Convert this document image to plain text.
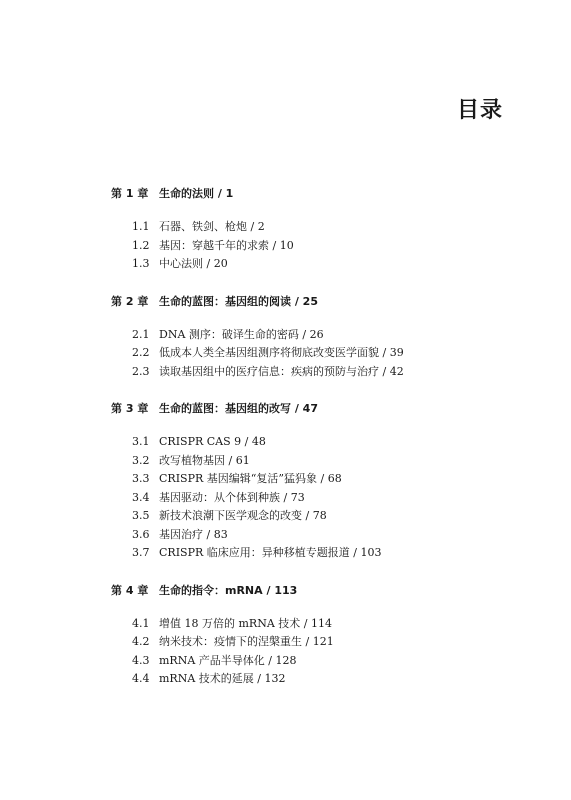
目录
第 1 章 生命的法则 / 1
1.1 石器、铁剑、枪炮 / 2
1.2 基因：穿越千年的求索 / 10
1.3 中心法则 / 20
第 2 章 生命的蓝图：基因组的阅读 / 25
2.1 DNA 测序：破译生命的密码 / 26
2.2 低成本人类全基因组测序将彻底改变医学面貌 / 39
2.3 读取基因组中的医疗信息：疾病的预防与治疗 / 42
第 3 章 生命的蓝图：基因组的改写 / 47
3.1 CRISPR CAS 9 / 48
3.2 改写植物基因 / 61
3.3 CRISPR 基因编辑“复活”猛犸象 / 68
3.4 基因驱动：从个体到种族 / 73
3.5 新技术浪潮下医学观念的改变 / 78
3.6 基因治疗 / 83
3.7 CRISPR 临床应用：异种移植专题报道 / 103
第 4 章 生命的指令：mRNA / 113
4.1 增值 18 万倍的 mRNA 技术 / 114
4.2 纳米技术：疫情下的涅槃重生 / 121
4.3 mRNA 产品半导体化 / 128
4.4 mRNA 技术的延展 / 132
